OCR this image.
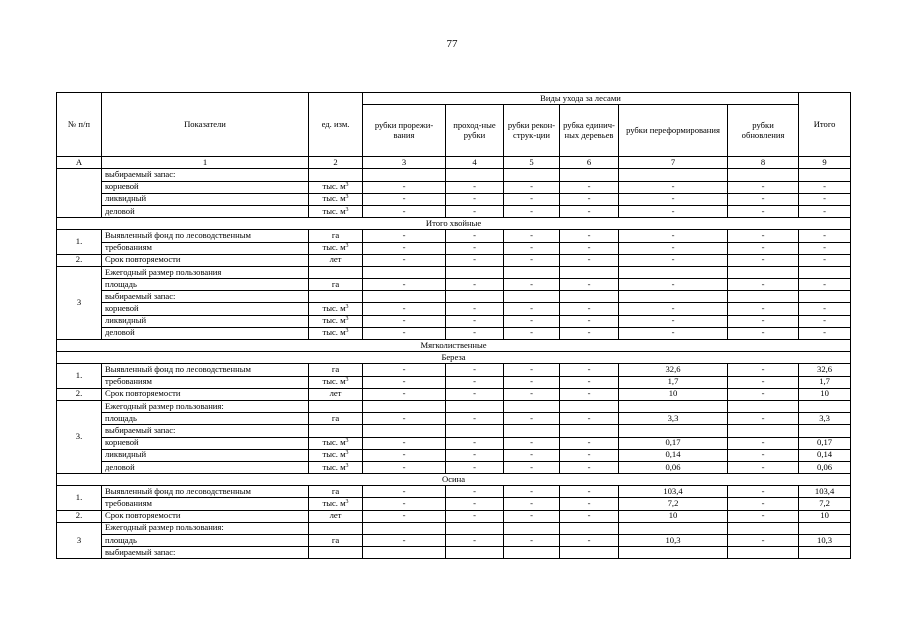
77
№ п/п	Показатели	ед. изм.	Виды ухода за лесами						Итого
			рубки прорежи-вания	проход-ные рубки	рубки рекон-струк-ции	рубка единич-ных деревьев	рубки переформирования	рубки обновления	
А	1	2	3	4	5	6	7	8	9
	выбираемый запас:								
	корневой	тыс. $м^3$	-	-	-	-	-	-	-
	ликвидный	тыс. $м^3$	-	-	-	-	-	-	-
	деловой	тыс. $м^3$	-	-	-	-	-	-	-
Итого хвойные									
1.	Выявленный фонд по лесоводственным	га	-	-	-	-	-	-	-
	требованиям	тыс. $м^3$	-	-	-	-	-	-	-
2.	Срок повторяемости	лет	-	-	-	-	-	-	-
3	Ежегодный размер пользования								
	площадь	га	-	-	-	-	-	-	-
	выбираемый запас:								
	корневой	тыс. $м^3$	-	-	-	-	-	-	-
	ликвидный	тыс. $м^3$	-	-	-	-	-	-	-
	деловой	тыс. $м^3$	-	-	-	-	-	-	-
Мягколиственные									
Береза									
1.	Выявленный фонд по лесоводственным	га	-	-	-	-	32,6	-	32,6
	требованиям	тыс. $м^3$	-	-	-	-	1,7	-	1,7
2.	Срок повторяемости	лет	-	-	-	-	10	-	10
3.	Ежегодный размер пользования:								
	площадь	га	-	-	-	-	3,3	-	3,3
	выбираемый запас:								
	корневой	тыс. $м^3$	-	-	-	-	0,17	-	0,17
	ликвидный	тыс. $м^3$	-	-	-	-	0,14	-	0,14
	деловой	тыс. $м^3$	-	-	-	-	0,06	-	0,06
Осина									
1.	Выявленный фонд по лесоводственным	га	-	-	-	-	103,4	-	103,4
	требованиям	тыс. $м^3$	-	-	-	-	7,2	-	7,2
2.	Срок повторяемости	лет	-	-	-	-	10	-	10
3	Ежегодный размер пользования:								
	площадь	га	-	-	-	-	10,3	-	10,3
	выбираемый запас:								
